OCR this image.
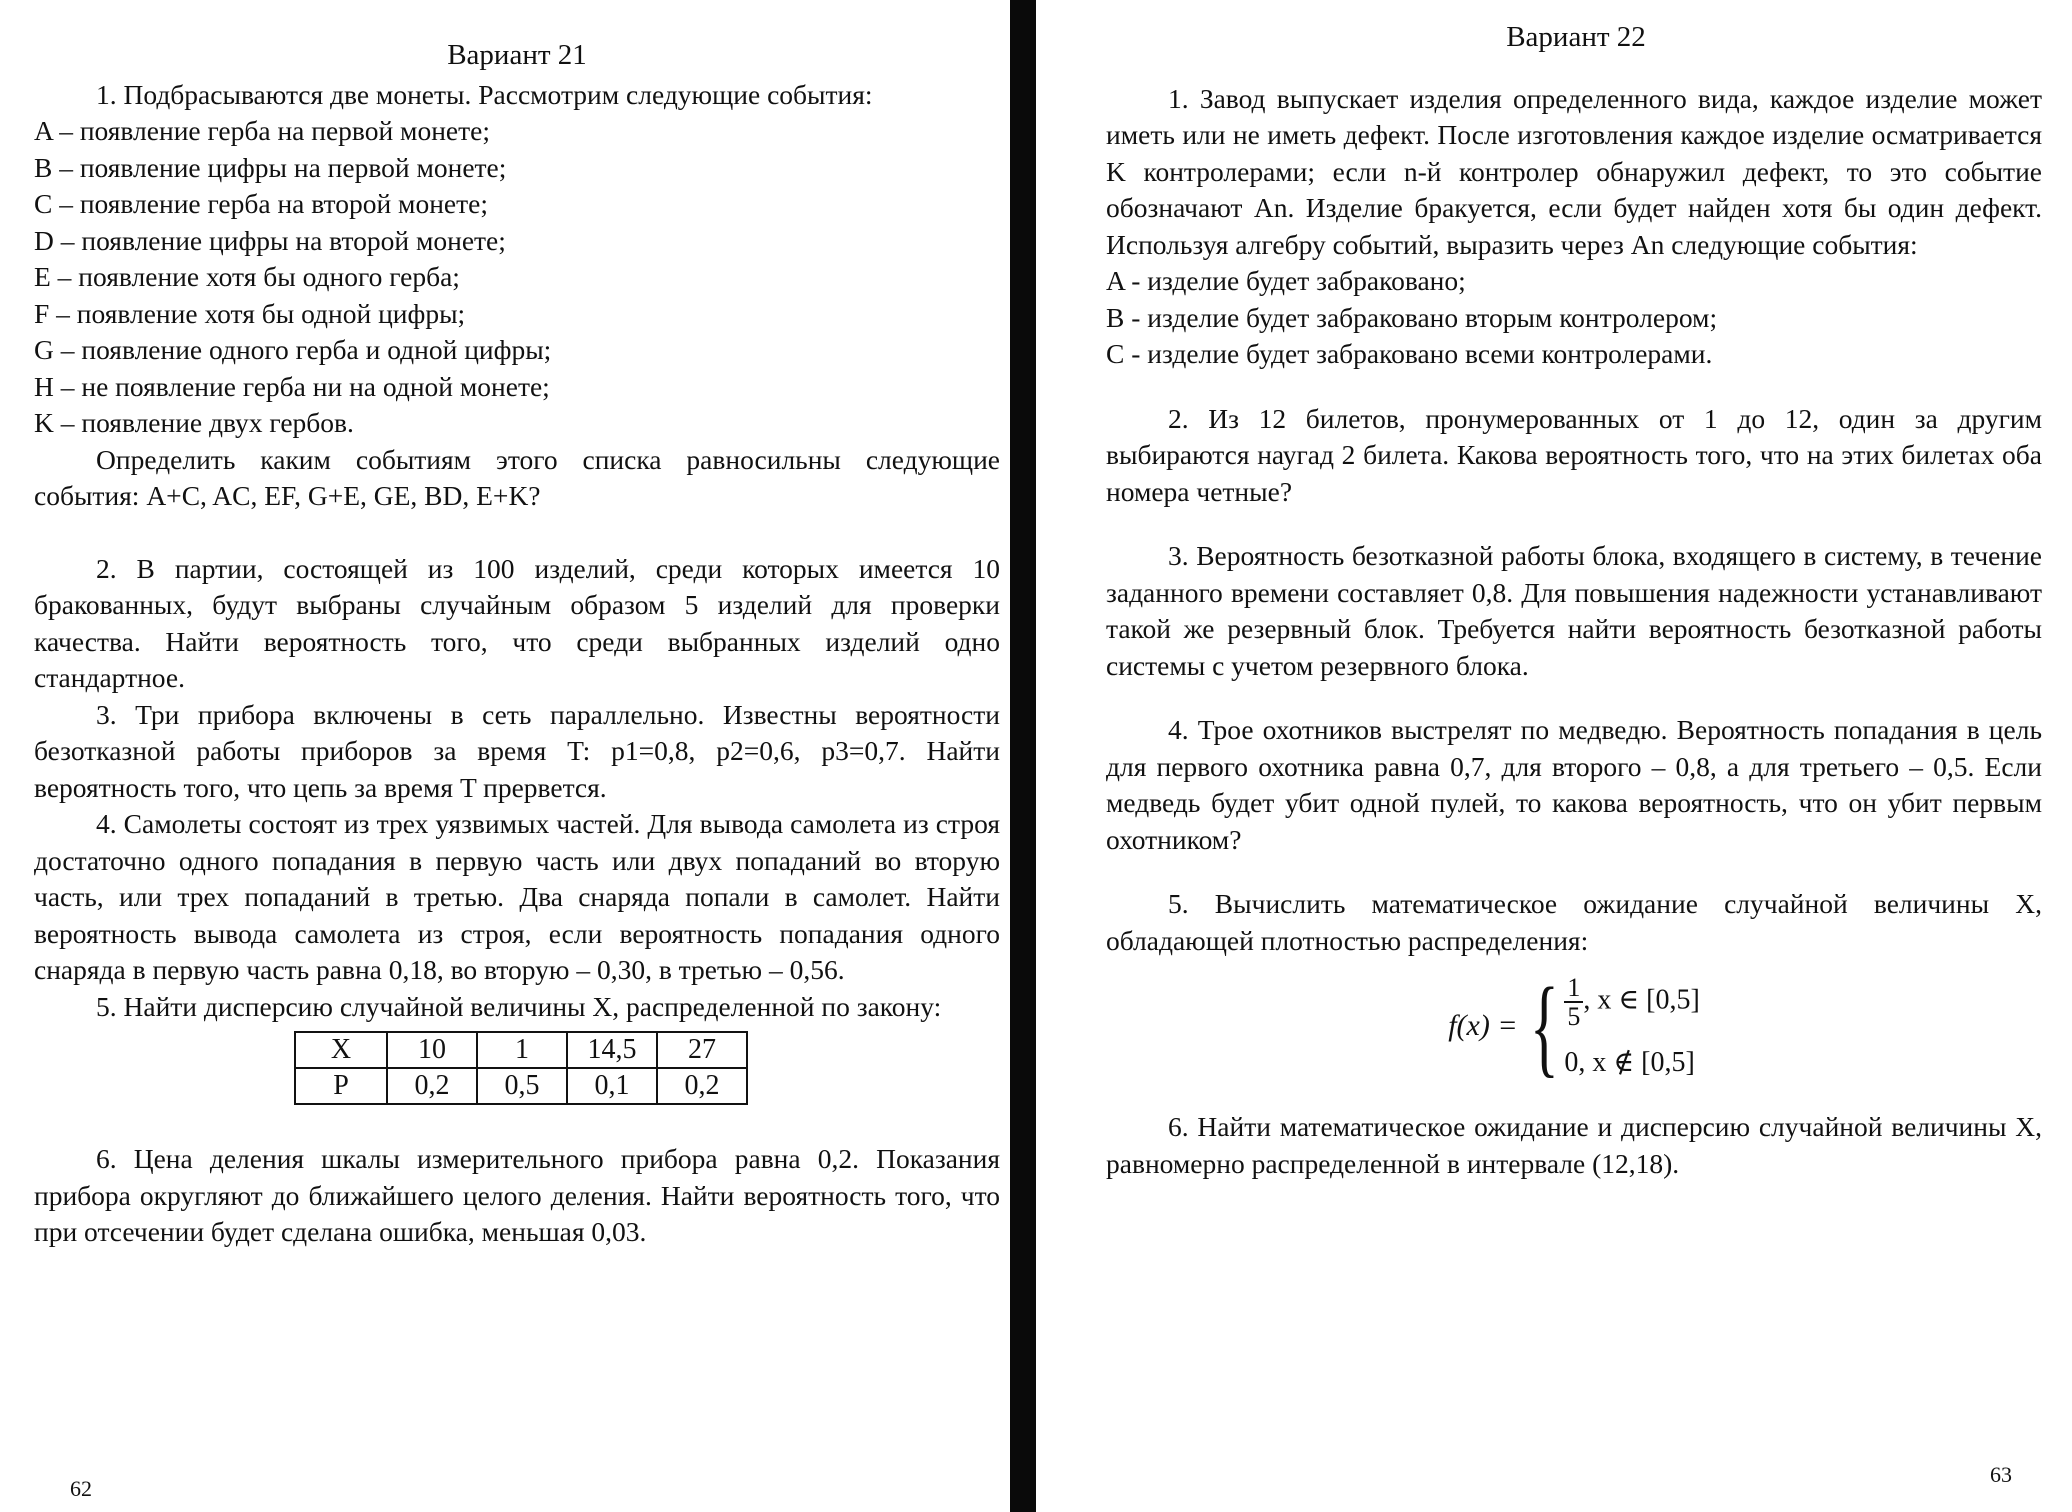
Вариант 21

1. Подбрасываются две монеты. Рассмотрим следующие события:

A – появление герба на первой монете;
B – появление цифры на первой монете;
C – появление герба на второй монете;
D – появление цифры на второй монете;
E – появление хотя бы одного герба;
F – появление хотя бы одной цифры;
G – появление одного герба и одной цифры;
H – не появление герба ни на одной монете;
K – появление двух гербов.

Определить каким событиям этого списка равносильны следующие события: A+C, AC, EF, G+E, GE, BD, E+K?

2. В партии, состоящей из 100 изделий, среди которых имеется 10 бракованных, будут выбраны случайным образом 5 изделий для проверки качества. Найти вероятность того, что среди выбранных изделий одно стандартное.

3. Три прибора включены в сеть параллельно. Известны вероятности безотказной работы приборов за время T: p1=0,8, p2=0,6, p3=0,7. Найти вероятность того, что цепь за время T прервется.

4. Самолеты состоят из трех уязвимых частей. Для вывода самолета из строя достаточно одного попадания в первую часть или двух попаданий во вторую часть, или трех попаданий в третью. Два снаряда попали в самолет. Найти вероятность вывода самолета из строя, если вероятность попадания одного снаряда в первую часть равна 0,18, во вторую – 0,30, в третью – 0,56.

5. Найти дисперсию случайной величины X, распределенной по закону:

X	10	1	14,5	27
P	0,2	0,5	0,1	0,2

6. Цена деления шкалы измерительного прибора равна 0,2. Показания прибора округляют до ближайшего целого деления. Найти вероятность того, что при отсечении будет сделана ошибка, меньшая 0,03.

62

Вариант 22

1. Завод выпускает изделия определенного вида, каждое изделие может иметь или не иметь дефект. После изготовления каждое изделие осматривается K контролерами; если n-й контролер обнаружил дефект, то это событие обозначают An. Изделие бракуется, если будет найден хотя бы один дефект. Используя алгебру событий, выразить через An следующие события:

A - изделие будет забраковано;
B - изделие будет забраковано вторым контролером;
C - изделие будет забраковано всеми контролерами.

2. Из 12 билетов, пронумерованных от 1 до 12, один за другим выбираются наугад 2 билета. Какова вероятность того, что на этих билетах оба номера четные?

3. Вероятность безотказной работы блока, входящего в систему, в течение заданного времени составляет 0,8. Для повышения надежности устанавливают такой же резервный блок. Требуется найти вероятность безотказной работы системы с учетом резервного блока.

4. Трое охотников выстрелят по медведю. Вероятность попадания в цель для первого охотника равна 0,7, для второго – 0,8, а для третьего – 0,5. Если медведь будет убит одной пулей, то какова вероятность, что он убит первым охотником?

5. Вычислить математическое ожидание случайной величины X, обладающей плотностью распределения:

f(x) = { $\frac{1}{5}$ , x ∈ [0,5]
0, x ∉ [0,5]

6. Найти математическое ожидание и дисперсию случайной величины X, равномерно распределенной в интервале (12,18).

63
